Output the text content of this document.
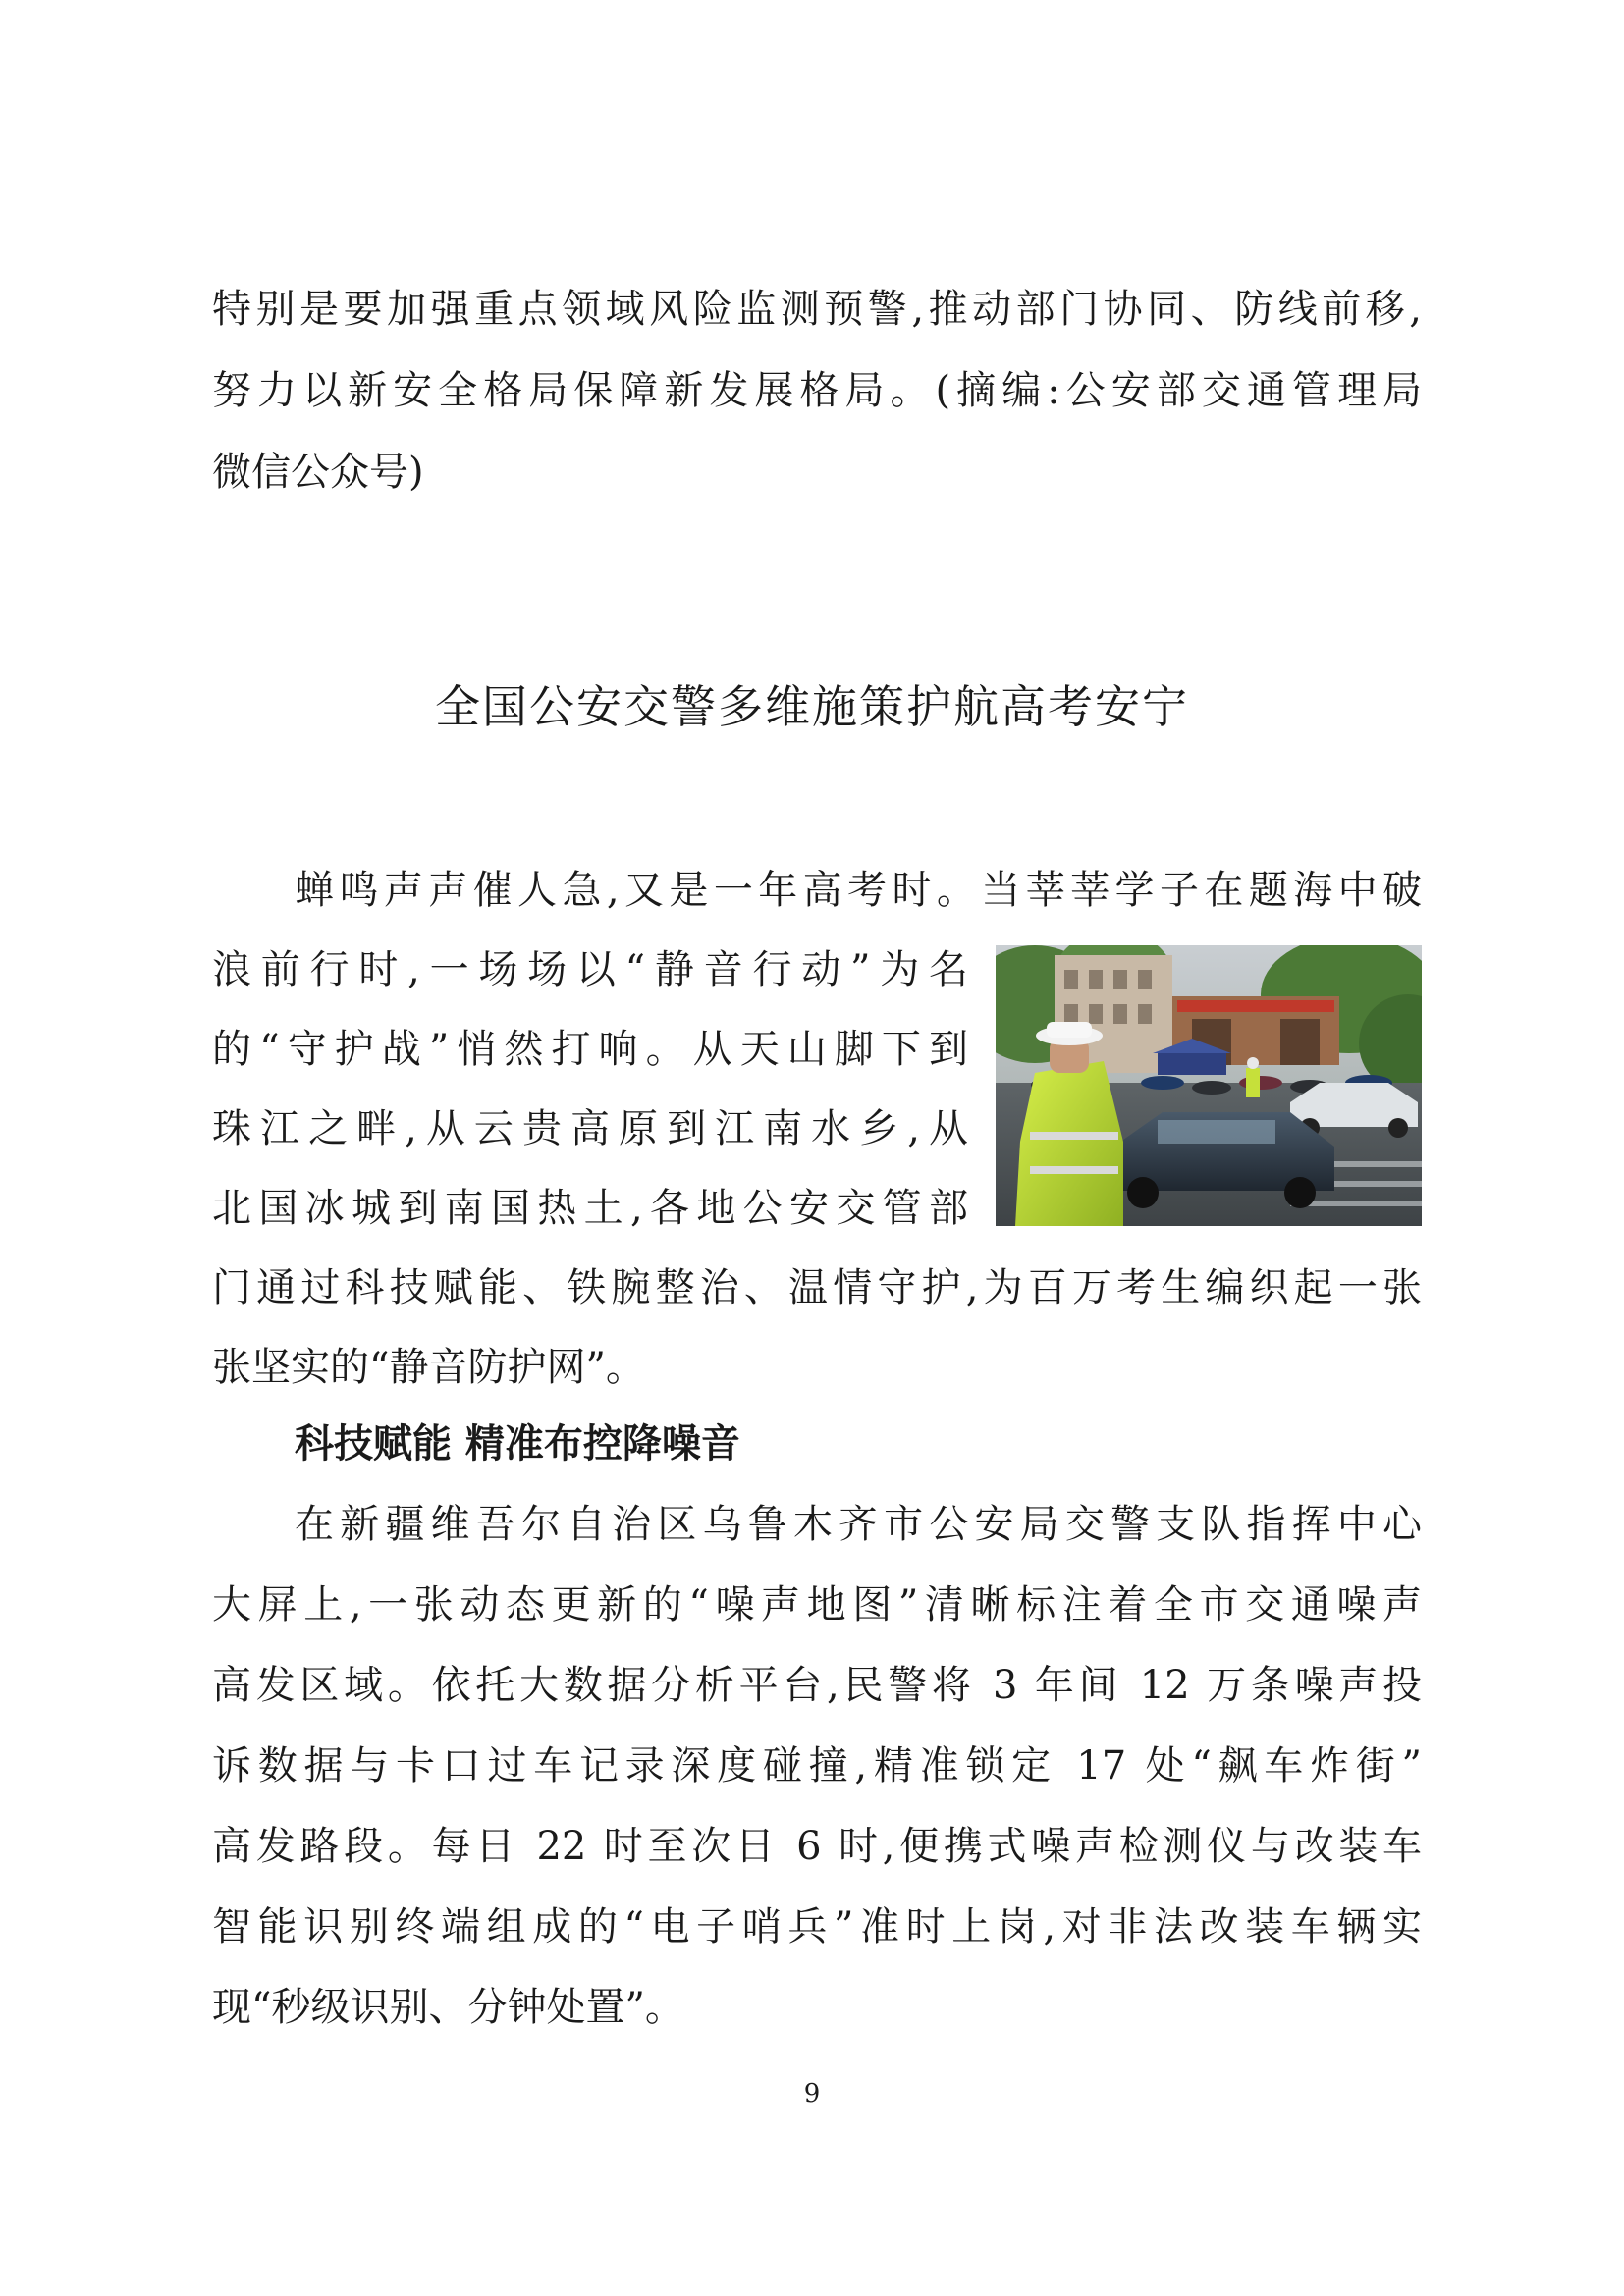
特别是要加强重点领域风险监测预警,推动部门协同、防线前移,
努力以新安全格局保障新发展格局。(摘编:公安部交通管理局
微信公众号)
全国公安交警多维施策护航高考安宁
蝉鸣声声催人急,又是一年高考时。当莘莘学子在题海中破
浪前行时,一场场以“静音行动”为名
的“守护战”悄然打响。从天山脚下到
珠江之畔,从云贵高原到江南水乡,从
北国冰城到南国热土,各地公安交管部
门通过科技赋能、铁腕整治、温情守护,为百万考生编织起一张
张坚实的“静音防护网”。
科技赋能 精准布控降噪音
在新疆维吾尔自治区乌鲁木齐市公安局交警支队指挥中心
大屏上,一张动态更新的“噪声地图”清晰标注着全市交通噪声
高发区域。依托大数据分析平台,民警将 3 年间 12 万条噪声投
诉数据与卡口过车记录深度碰撞,精准锁定 17 处“飙车炸街”
高发路段。每日 22 时至次日 6 时,便携式噪声检测仪与改装车
智能识别终端组成的“电子哨兵”准时上岗,对非法改装车辆实
现“秒级识别、分钟处置”。
9
